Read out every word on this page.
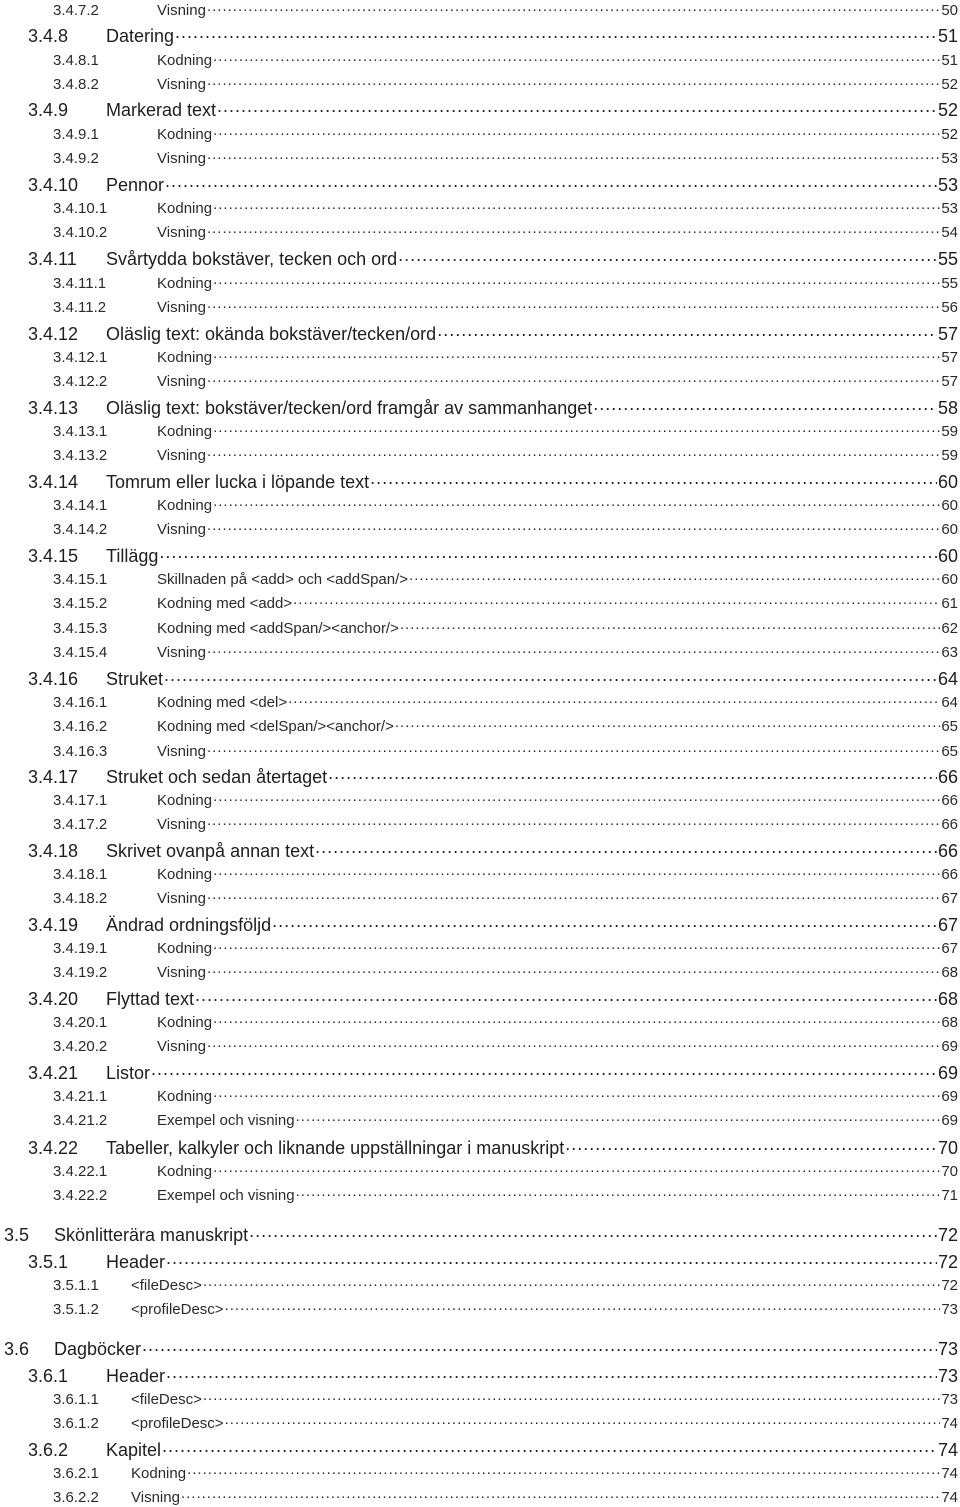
3.4.7.2	Visning .....	50
3.4.8	Datering .....	51
3.4.8.1	Kodning .....	51
3.4.8.2	Visning .....	52
3.4.9	Markerad text .....	52
3.4.9.1	Kodning .....	52
3.4.9.2	Visning .....	53
3.4.10	Pennor .....	53
3.4.10.1	Kodning .....	53
3.4.10.2	Visning .....	54
3.4.11	Svårtydda bokstäver, tecken och ord .....	55
3.4.11.1	Kodning .....	55
3.4.11.2	Visning .....	56
3.4.12	Oläslig text: okända bokstäver/tecken/ord .....	57
3.4.12.1	Kodning .....	57
3.4.12.2	Visning .....	57
3.4.13	Oläslig text: bokstäver/tecken/ord framgår av sammanhanget .....	58
3.4.13.1	Kodning .....	59
3.4.13.2	Visning .....	59
3.4.14	Tomrum eller lucka i löpande text .....	60
3.4.14.1	Kodning .....	60
3.4.14.2	Visning .....	60
3.4.15	Tillägg .....	60
3.4.15.1	Skillnaden på <add> och <addSpan/> .....	60
3.4.15.2	Kodning med <add> .....	61
3.4.15.3	Kodning med <addSpan/><anchor/> .....	62
3.4.15.4	Visning .....	63
3.4.16	Struket .....	64
3.4.16.1	Kodning med <del> .....	64
3.4.16.2	Kodning med <delSpan/><anchor/> .....	65
3.4.16.3	Visning .....	65
3.4.17	Struket och sedan återtaget .....	66
3.4.17.1	Kodning .....	66
3.4.17.2	Visning .....	66
3.4.18	Skrivet ovanpå annan text .....	66
3.4.18.1	Kodning .....	66
3.4.18.2	Visning .....	67
3.4.19	Ändrad ordningsföljd .....	67
3.4.19.1	Kodning .....	67
3.4.19.2	Visning .....	68
3.4.20	Flyttad text .....	68
3.4.20.1	Kodning .....	68
3.4.20.2	Visning .....	69
3.4.21	Listor .....	69
3.4.21.1	Kodning .....	69
3.4.21.2	Exempel och visning .....	69
3.4.22	Tabeller, kalkyler och liknande uppställningar i manuskript .....	70
3.4.22.1	Kodning .....	70
3.4.22.2	Exempel och visning .....	71
3.5	Skönlitterära manuskript .....	72
3.5.1	Header .....	72
3.5.1.1	<fileDesc> .....	72
3.5.1.2	<profileDesc> .....	73
3.6	Dagböcker .....	73
3.6.1	Header .....	73
3.6.1.1	<fileDesc> .....	73
3.6.1.2	<profileDesc> .....	74
3.6.2	Kapitel .....	74
3.6.2.1	Kodning .....	74
3.6.2.2	Visning .....	74
